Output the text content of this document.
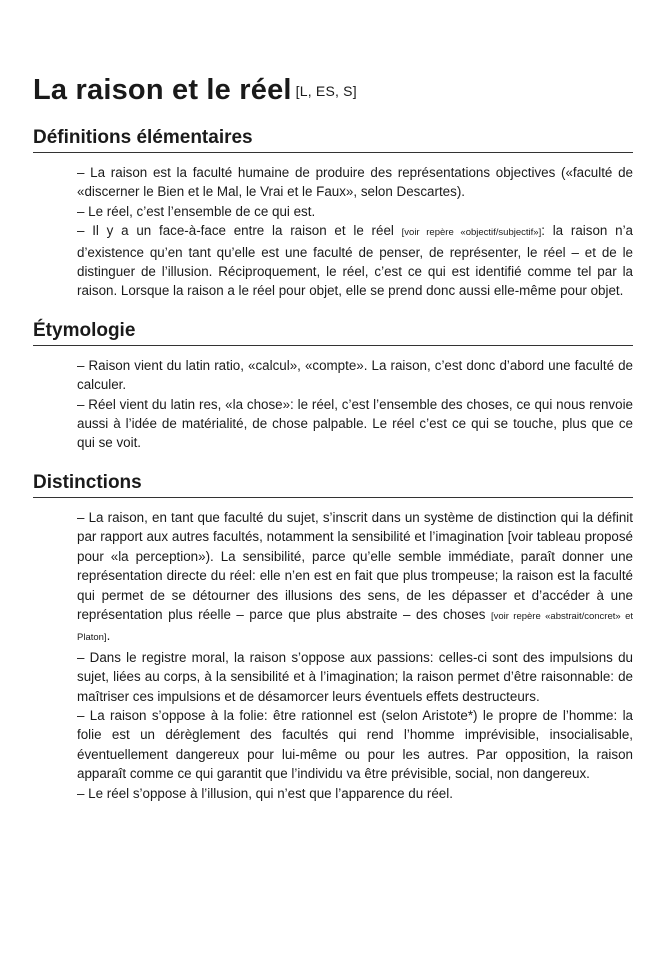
La raison et le réel [L, ES, S]
Définitions élémentaires

– La raison est la faculté humaine de produire des représentations objectives («faculté de «discerner le Bien et le Mal, le Vrai et le Faux», selon Descartes).

– Le réel, c’est l’ensemble de ce qui est.

– Il y a un face-à-face entre la raison et le réel [voir repère «objectif/subjectif»]: la raison n’a d’existence qu’en tant qu’elle est une faculté de penser, de représenter, le réel – et de le distinguer de l’illusion. Réciproquement, le réel, c’est ce qui est identifié comme tel par la raison. Lorsque la raison a le réel pour objet, elle se prend donc aussi elle-même pour objet.

Étymologie

– Raison vient du latin ratio, «calcul», «compte». La raison, c’est donc d’abord une faculté de calculer.

– Réel vient du latin res, «la chose»: le réel, c’est l’ensemble des choses, ce qui nous renvoie aussi à l’idée de matérialité, de chose palpable. Le réel c’est ce qui se touche, plus que ce qui se voit.

Distinctions

– La raison, en tant que faculté du sujet, s’inscrit dans un système de distinction qui la définit par rapport aux autres facultés, notamment la sensibilité et l’imagination [voir tableau proposé pour «la perception»). La sensibilité, parce qu’elle semble immédiate, paraît donner une représentation directe du réel: elle n’en est en fait que plus trompeuse; la raison est la faculté qui permet de se détourner des illusions des sens, de les dépasser et d’accéder à une représentation plus réelle – parce que plus abstraite – des choses [voir repère «abstrait/concret» et Platon].

– Dans le registre moral, la raison s’oppose aux passions: celles-ci sont des impulsions du sujet, liées au corps, à la sensibilité et à l’imagination; la raison permet d’être raisonnable: de maîtriser ces impulsions et de désamorcer leurs éventuels effets destructeurs.

– La raison s’oppose à la folie: être rationnel est (selon Aristote*) le propre de l’homme: la folie est un dérèglement des facultés qui rend l’homme imprévisible, insocialisable, éventuellement dangereux pour lui-même ou pour les autres. Par opposition, la raison apparaît comme ce qui garantit que l’individu va être prévisible, social, non dangereux.

– Le réel s’oppose à l’illusion, qui n’est que l’apparence du réel.
